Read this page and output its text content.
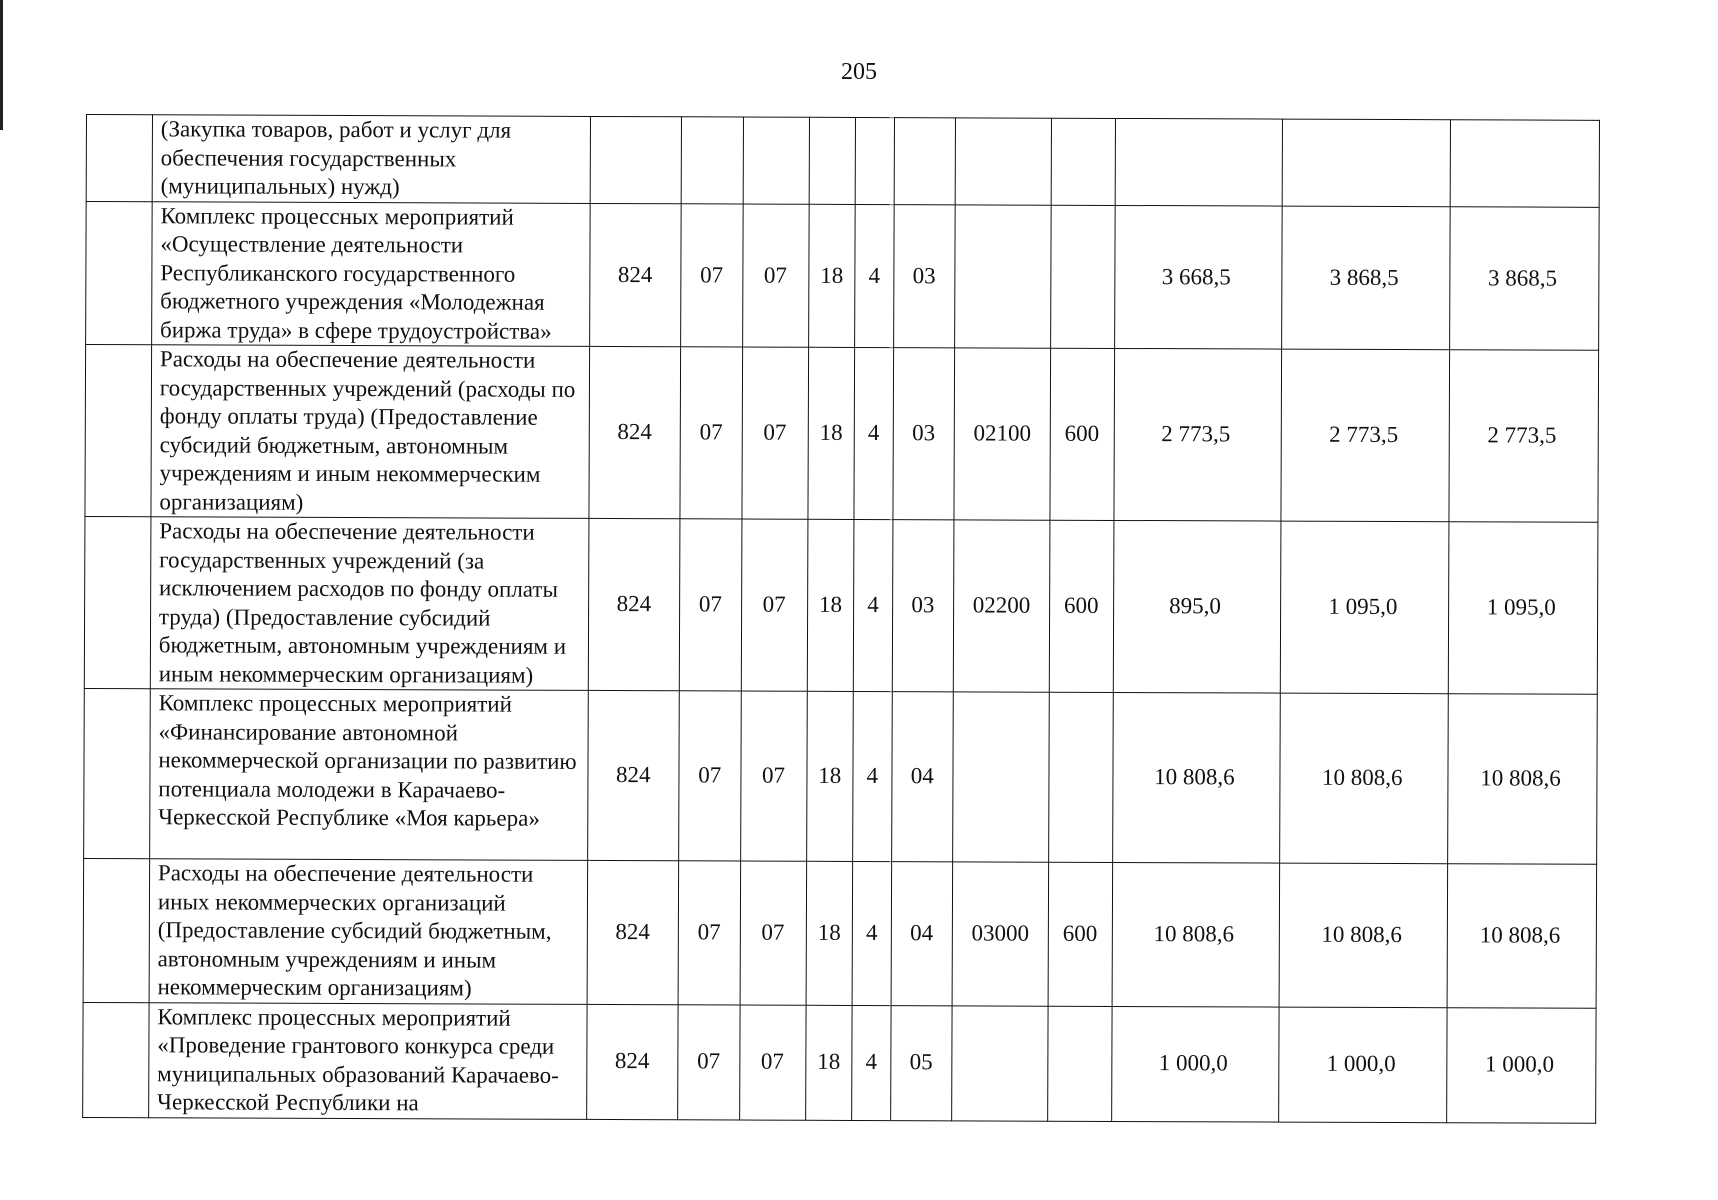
205
	(Закупка товаров, работ и услуг для обеспечения государственных (муниципальных) нужд)											
	Комплекс процессных мероприятий «Осуществление деятельности Республиканского государственного бюджетного учреждения «Молодежная биржа труда» в сфере трудоустройства»	824	07	07	18	4	03			3 668,5	3 868,5	3 868,5
	Расходы на обеспечение деятельности государственных учреждений (расходы по фонду оплаты труда) (Предоставление субсидий бюджетным, автономным учреждениям и иным некоммерческим организациям)	824	07	07	18	4	03	02100	600	2 773,5	2 773,5	2 773,5
	Расходы на обеспечение деятельности государственных учреждений (за исключением расходов по фонду оплаты труда) (Предоставление субсидий бюджетным, автономным учреждениям и иным некоммерческим организациям)	824	07	07	18	4	03	02200	600	895,0	1 095,0	1 095,0
	Комплекс процессных мероприятий «Финансирование автономной некоммерческой организации по развитию потенциала молодежи в Карачаево-Черкесской Республике «Моя карьера»	824	07	07	18	4	04			10 808,6	10 808,6	10 808,6
	Расходы на обеспечение деятельности иных некоммерческих организаций (Предоставление субсидий бюджетным, автономным учреждениям и иным некоммерческим организациям)	824	07	07	18	4	04	03000	600	10 808,6	10 808,6	10 808,6
	Комплекс процессных мероприятий «Проведение грантового конкурса среди муниципальных образований Карачаево-Черкесской Республики на	824	07	07	18	4	05			1 000,0	1 000,0	1 000,0
